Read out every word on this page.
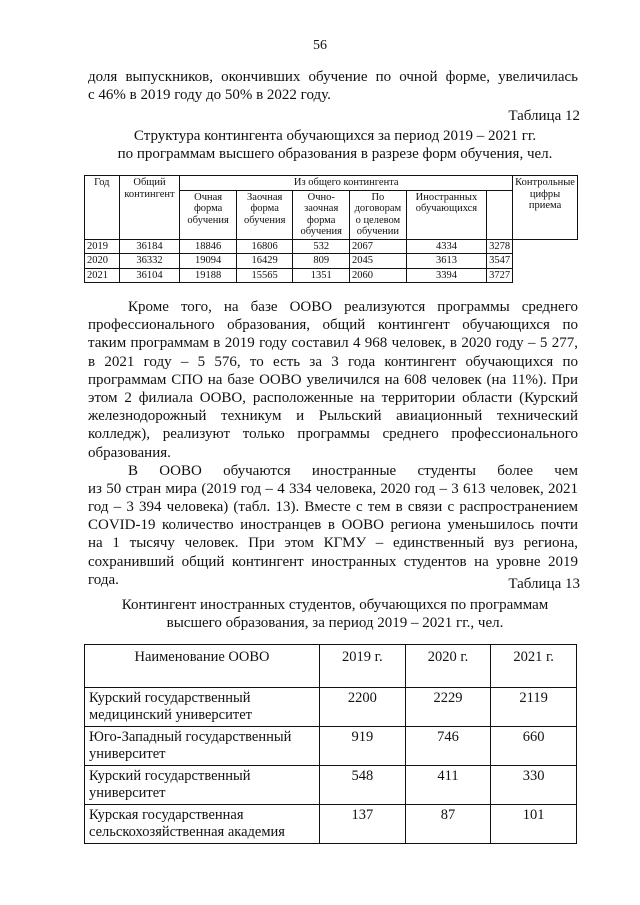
56
доля выпускников, окончивших обучение по очной форме, увеличилась
с 46% в 2019 году до 50% в 2022 году.
Таблица 12
Структура контингента обучающихся за период 2019 – 2021 гг.
по программам высшего образования в разрезе форм обучения, чел.
Год	Общий контингент	Из общего контингента						Контрольные цифры приема
		Очная форма обучения	Заочная форма обучения	Очно-заочная форма обучения	По договорам о целевом обучении	Иностранных обучающихся		
2019	36184	18846	16806	532	2067	4334	3278	
2020	36332	19094	16429	809	2045	3613	3547	
2021	36104	19188	15565	1351	2060	3394	3727	
Кроме того, на базе ООВО реализуются программы среднего
профессионального образования, общий контингент обучающихся по
таким программам в 2019 году составил 4 968 человек, в 2020 году – 5 277,
в 2021 году – 5 576, то есть за 3 года контингент обучающихся по
программам СПО на базе ООВО увеличился на 608 человек (на 11%). При
этом 2 филиала ООВО, расположенные на территории области (Курский
железнодорожный техникум и Рыльский авиационный технический
колледж), реализуют только программы среднего профессионального
образования.
В ООВО обучаются иностранные студенты более чем
из 50 стран мира (2019 год – 4 334 человека, 2020 год – 3 613 человек, 2021
год – 3 394 человека) (табл. 13). Вместе с тем в связи с распространением
COVID-19 количество иностранцев в ООВО региона уменьшилось почти
на 1 тысячу человек. При этом КГМУ – единственный вуз региона,
сохранивший общий контингент иностранных студентов на уровне 2019
года.	Таблица 13
Контингент иностранных студентов, обучающихся по программам
высшего образования, за период 2019 – 2021 гг., чел.
Наименование ООВО	2019 г.	2020 г.	2021 г.
Курский государственный медицинский университет	2200	2229	2119
Юго-Западный государственный университет	919	746	660
Курский государственный университет	548	411	330
Курская государственная сельскохозяйственная академия	137	87	101
